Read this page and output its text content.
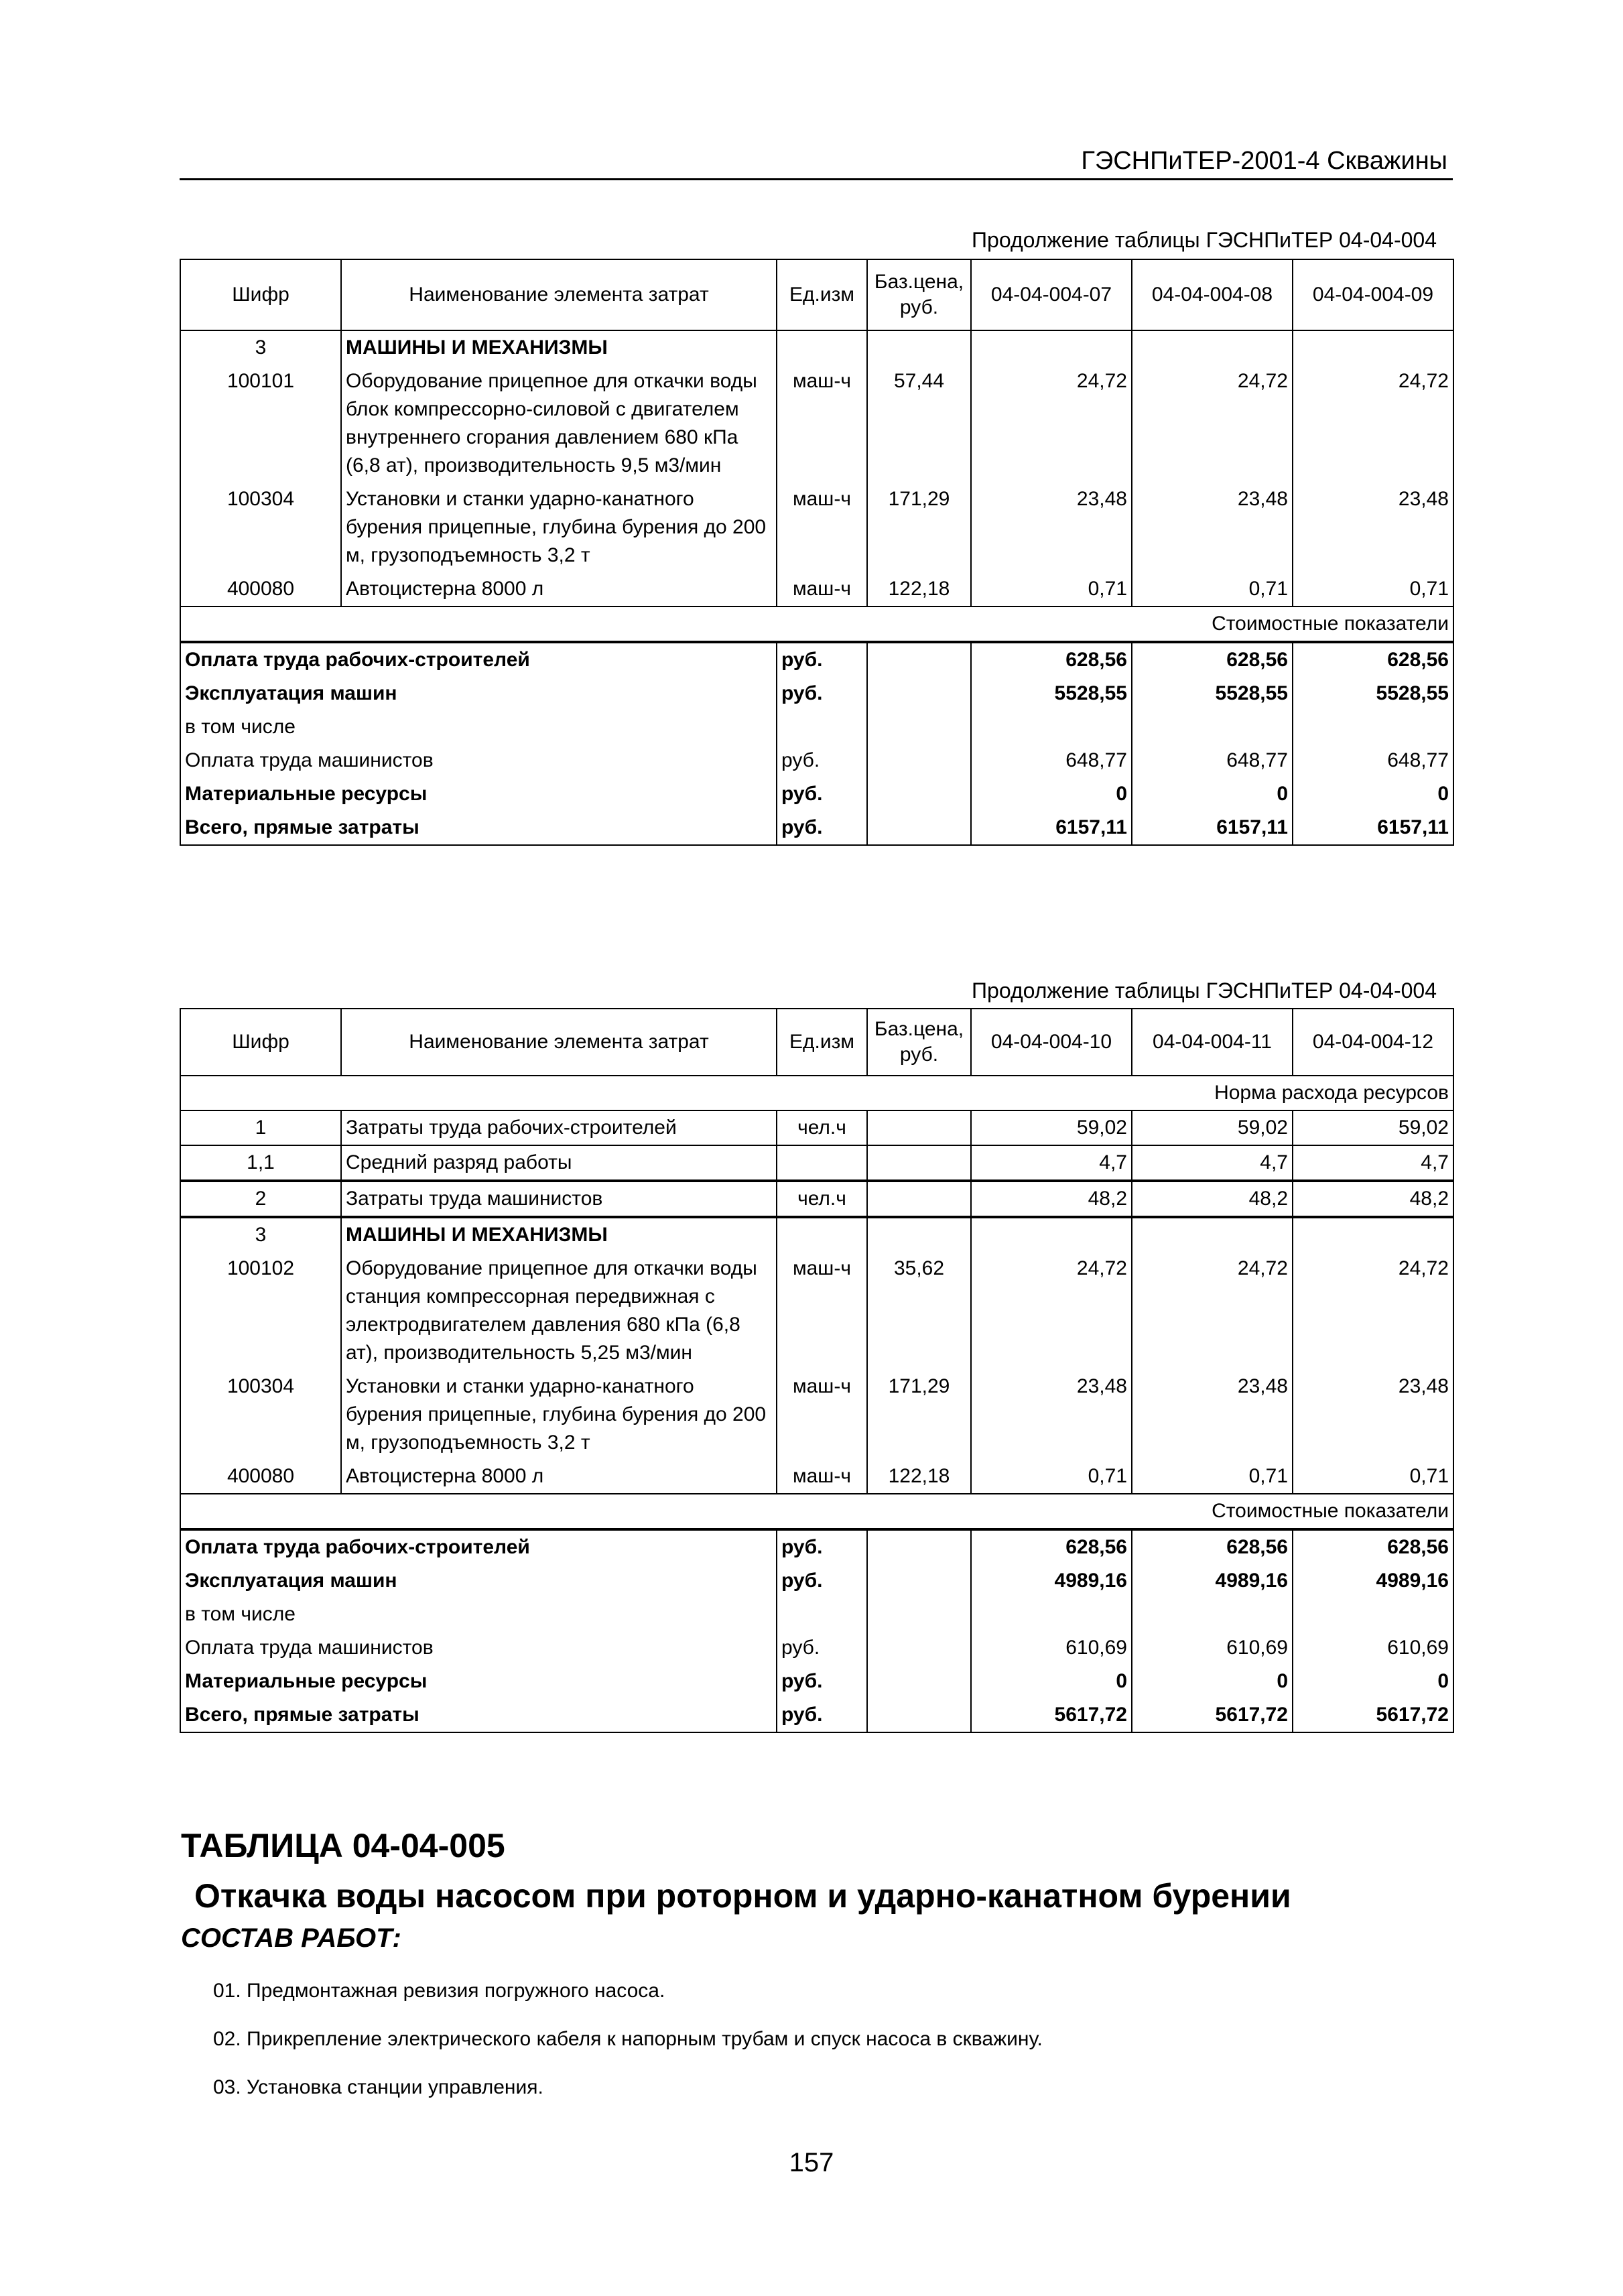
ГЭСНПиТЕР-2001-4 Скважины
Продолжение таблицы ГЭСНПиТЕР 04-04-004
Шифр	Наименование элемента затрат	Ед.изм	Баз.цена, руб.	04-04-004-07	04-04-004-08	04-04-004-09
3	МАШИНЫ И МЕХАНИЗМЫ					
100101	Оборудование прицепное для откачки воды блок компрессорно-силовой с двигателем внутреннего сгорания давлением 680 кПа (6,8 ат), производительность 9,5 м3/мин	маш-ч	57,44	24,72	24,72	24,72
100304	Установки и станки ударно-канатного бурения прицепные, глубина бурения до 200 м, грузоподъемность 3,2 т	маш-ч	171,29	23,48	23,48	23,48
400080	Автоцистерна 8000 л	маш-ч	122,18	0,71	0,71	0,71
Стоимостные показатели						
Оплата труда рабочих-строителей		руб.		628,56	628,56	628,56
Эксплуатация машин		руб.		5528,55	5528,55	5528,55
в том числе						
Оплата труда машинистов		руб.		648,77	648,77	648,77
Материальные ресурсы		руб.		0	0	0
Всего, прямые затраты		руб.		6157,11	6157,11	6157,11
Продолжение таблицы ГЭСНПиТЕР 04-04-004
Шифр	Наименование элемента затрат	Ед.изм	Баз.цена, руб.	04-04-004-10	04-04-004-11	04-04-004-12
Норма расхода ресурсов						
1	Затраты труда рабочих-строителей	чел.ч		59,02	59,02	59,02
1,1	Средний разряд работы			4,7	4,7	4,7
2	Затраты труда машинистов	чел.ч		48,2	48,2	48,2
3	МАШИНЫ И МЕХАНИЗМЫ					
100102	Оборудование прицепное для откачки воды станция компрессорная передвижная с электродвигателем давления 680 кПа (6,8 ат), производительность 5,25 м3/мин	маш-ч	35,62	24,72	24,72	24,72
100304	Установки и станки ударно-канатного бурения прицепные, глубина бурения до 200 м, грузоподъемность 3,2 т	маш-ч	171,29	23,48	23,48	23,48
400080	Автоцистерна 8000 л	маш-ч	122,18	0,71	0,71	0,71
Стоимостные показатели						
Оплата труда рабочих-строителей		руб.		628,56	628,56	628,56
Эксплуатация машин		руб.		4989,16	4989,16	4989,16
в том числе						
Оплата труда машинистов		руб.		610,69	610,69	610,69
Материальные ресурсы		руб.		0	0	0
Всего, прямые затраты		руб.		5617,72	5617,72	5617,72
ТАБЛИЦА 04-04-005
Откачка воды насосом при роторном и ударно-канатном бурении
СОСТАВ РАБОТ:
01. Предмонтажная ревизия погружного насоса.
02. Прикрепление электрического кабеля к напорным трубам и спуск насоса в скважину.
03. Установка станции управления.
157
